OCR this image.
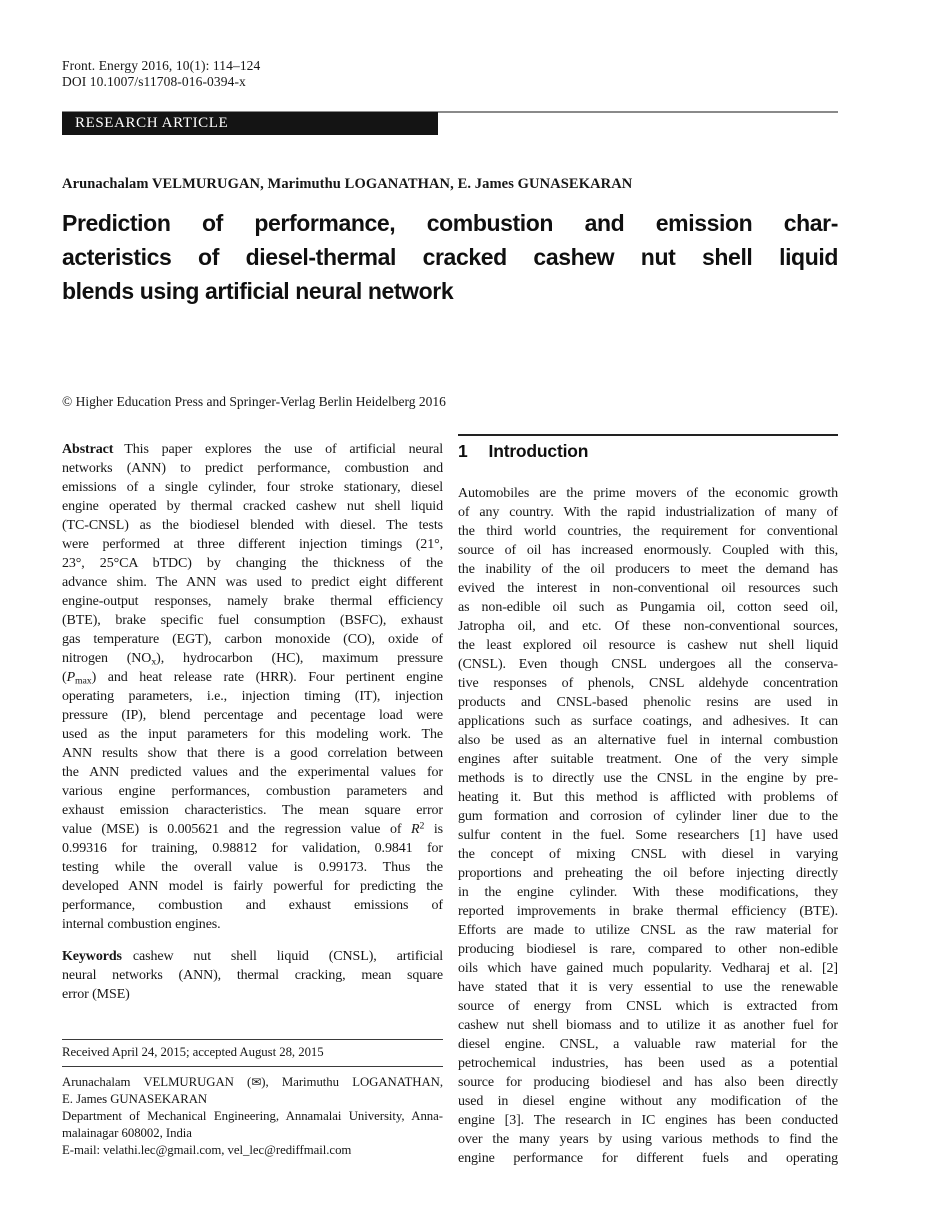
Front. Energy 2016, 10(1): 114–124
DOI 10.1007/s11708-016-0394-x
RESEARCH ARTICLE
Arunachalam VELMURUGAN, Marimuthu LOGANATHAN, E. James GUNASEKARAN
Prediction of performance, combustion and emission char-
acteristics of diesel-thermal cracked cashew nut shell liquid
blends using artificial neural network
© Higher Education Press and Springer-Verlag Berlin Heidelberg 2016
Abstract This paper explores the use of artificial neural
networks (ANN) to predict performance, combustion and
emissions of a single cylinder, four stroke stationary, diesel
engine operated by thermal cracked cashew nut shell liquid
(TC-CNSL) as the biodiesel blended with diesel. The tests
were performed at three different injection timings (21°,
23°, 25°CA bTDC) by changing the thickness of the
advance shim. The ANN was used to predict eight different
engine-output responses, namely brake thermal efficiency
(BTE), brake specific fuel consumption (BSFC), exhaust
gas temperature (EGT), carbon monoxide (CO), oxide of
nitrogen $(NO_x)$, hydrocarbon (HC), maximum pressure
$(P_{max})$ and heat release rate (HRR). Four pertinent engine
operating parameters, i.e., injection timing (IT), injection
pressure (IP), blend percentage and pecentage load were
used as the input parameters for this modeling work. The
ANN results show that there is a good correlation between
the ANN predicted values and the experimental values for
various engine performances, combustion parameters and
exhaust emission characteristics. The mean square error
value (MSE) is 0.005621 and the regression value of $R^2$ is
0.99316 for training, 0.98812 for validation, 0.9841 for
testing while the overall value is 0.99173. Thus the
developed ANN model is fairly powerful for predicting the
performance, combustion and exhaust emissions of
internal combustion engines.
Keywords cashew nut shell liquid (CNSL), artificial
neural networks (ANN), thermal cracking, mean square
error (MSE)
1 Introduction
Automobiles are the prime movers of the economic growth
of any country. With the rapid industrialization of many of
the third world countries, the requirement for conventional
source of oil has increased enormously. Coupled with this,
the inability of the oil producers to meet the demand has
evived the interest in non-conventional oil resources such
as non-edible oil such as Pungamia oil, cotton seed oil,
Jatropha oil, and etc. Of these non-conventional sources,
the least explored oil resource is cashew nut shell liquid
(CNSL). Even though CNSL undergoes all the conserva-
tive responses of phenols, CNSL aldehyde concentration
products and CNSL-based phenolic resins are used in
applications such as surface coatings, and adhesives. It can
also be used as an alternative fuel in internal combustion
engines after suitable treatment. One of the very simple
methods is to directly use the CNSL in the engine by pre-
heating it. But this method is afflicted with problems of
gum formation and corrosion of cylinder liner due to the
sulfur content in the fuel. Some researchers [1] have used
the concept of mixing CNSL with diesel in varying
proportions and preheating the oil before injecting directly
in the engine cylinder. With these modifications, they
reported improvements in brake thermal efficiency (BTE).
Efforts are made to utilize CNSL as the raw material for
producing biodiesel is rare, compared to other non-edible
oils which have gained much popularity. Vedharaj et al. [2]
have stated that it is very essential to use the renewable
source of energy from CNSL which is extracted from
cashew nut shell biomass and to utilize it as another fuel for
diesel engine. CNSL, a valuable raw material for the
petrochemical industries, has been used as a potential
source for producing biodiesel and has also been directly
used in diesel engine without any modification of the
engine [3]. The research in IC engines has been conducted
over the many years by using various methods to find the
engine performance for different fuels and operating
Received April 24, 2015; accepted August 28, 2015
Arunachalam VELMURUGAN (✉), Marimuthu LOGANATHAN,
E. James GUNASEKARAN
Department of Mechanical Engineering, Annamalai University, Anna-
malainagar 608002, India
E-mail: velathi.lec@gmail.com, vel_lec@rediffmail.com
